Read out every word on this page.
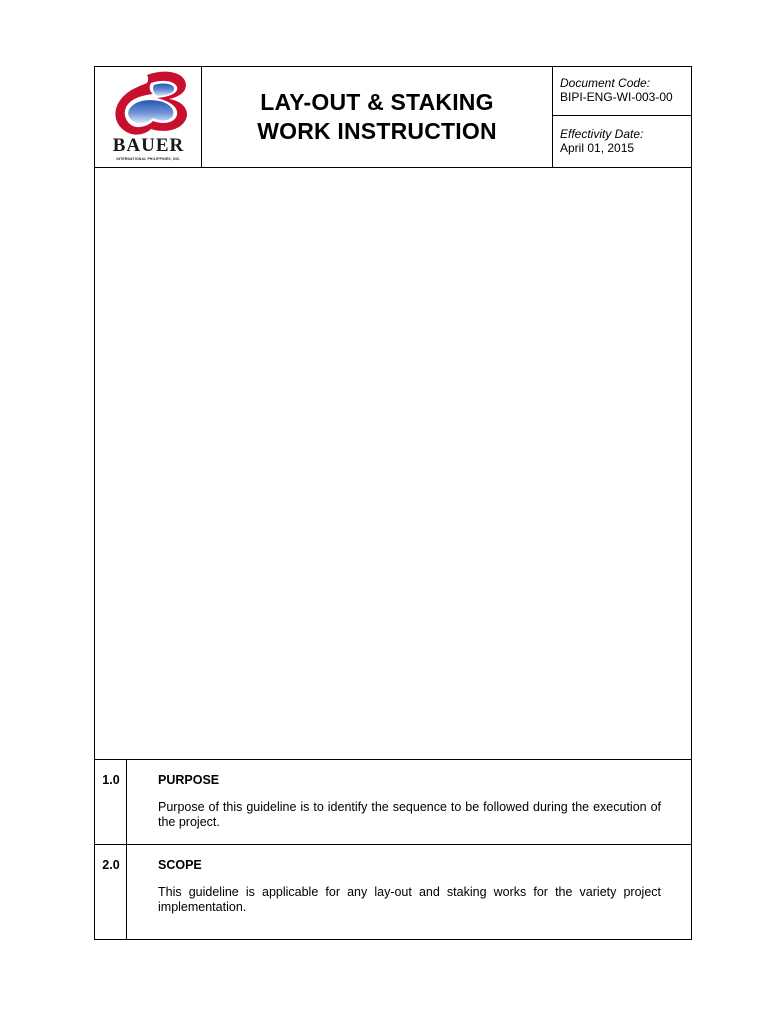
BAUER
INTERNATIONAL PHILIPPINES, INC.
LAY-OUT & STAKING
WORK INSTRUCTION
Document Code:
BIPI-ENG-WI-003-00
Effectivity Date:
April 01, 2015
1.0	PURPOSE
Purpose of this guideline is to identify the sequence to be followed during the execution of the project.
2.0	SCOPE
This guideline is applicable for any lay-out and staking works for the variety project implementation.
